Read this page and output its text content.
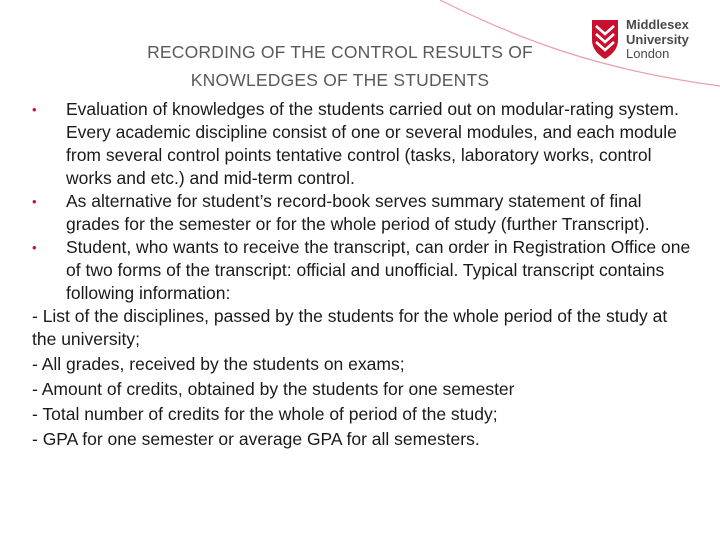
RECORDING OF THE CONTROL RESULTS OF
KNOWLEDGES OF THE STUDENTS
Middlesex
University
London

• Evaluation of knowledges of the students carried out on modular-rating system. Every academic discipline consist of one or several modules, and each module from several control points tentative control (tasks, laboratory works, control works and etc.) and mid-term control.

• As alternative for student’s record-book serves summary statement of final grades for the semester or for the whole period of study (further Transcript).

• Student, who wants to receive the transcript, can order in Registration Office one of two forms of the transcript: official and unofficial. Typical transcript contains following information:

- List of the disciplines, passed by the students for the whole period of the study at the university;

- All grades, received by the students on exams;

- Amount of credits, obtained by the students for one semester

- Total number of credits for the whole of period of the study;

- GPA for one semester or average GPA for all semesters.
